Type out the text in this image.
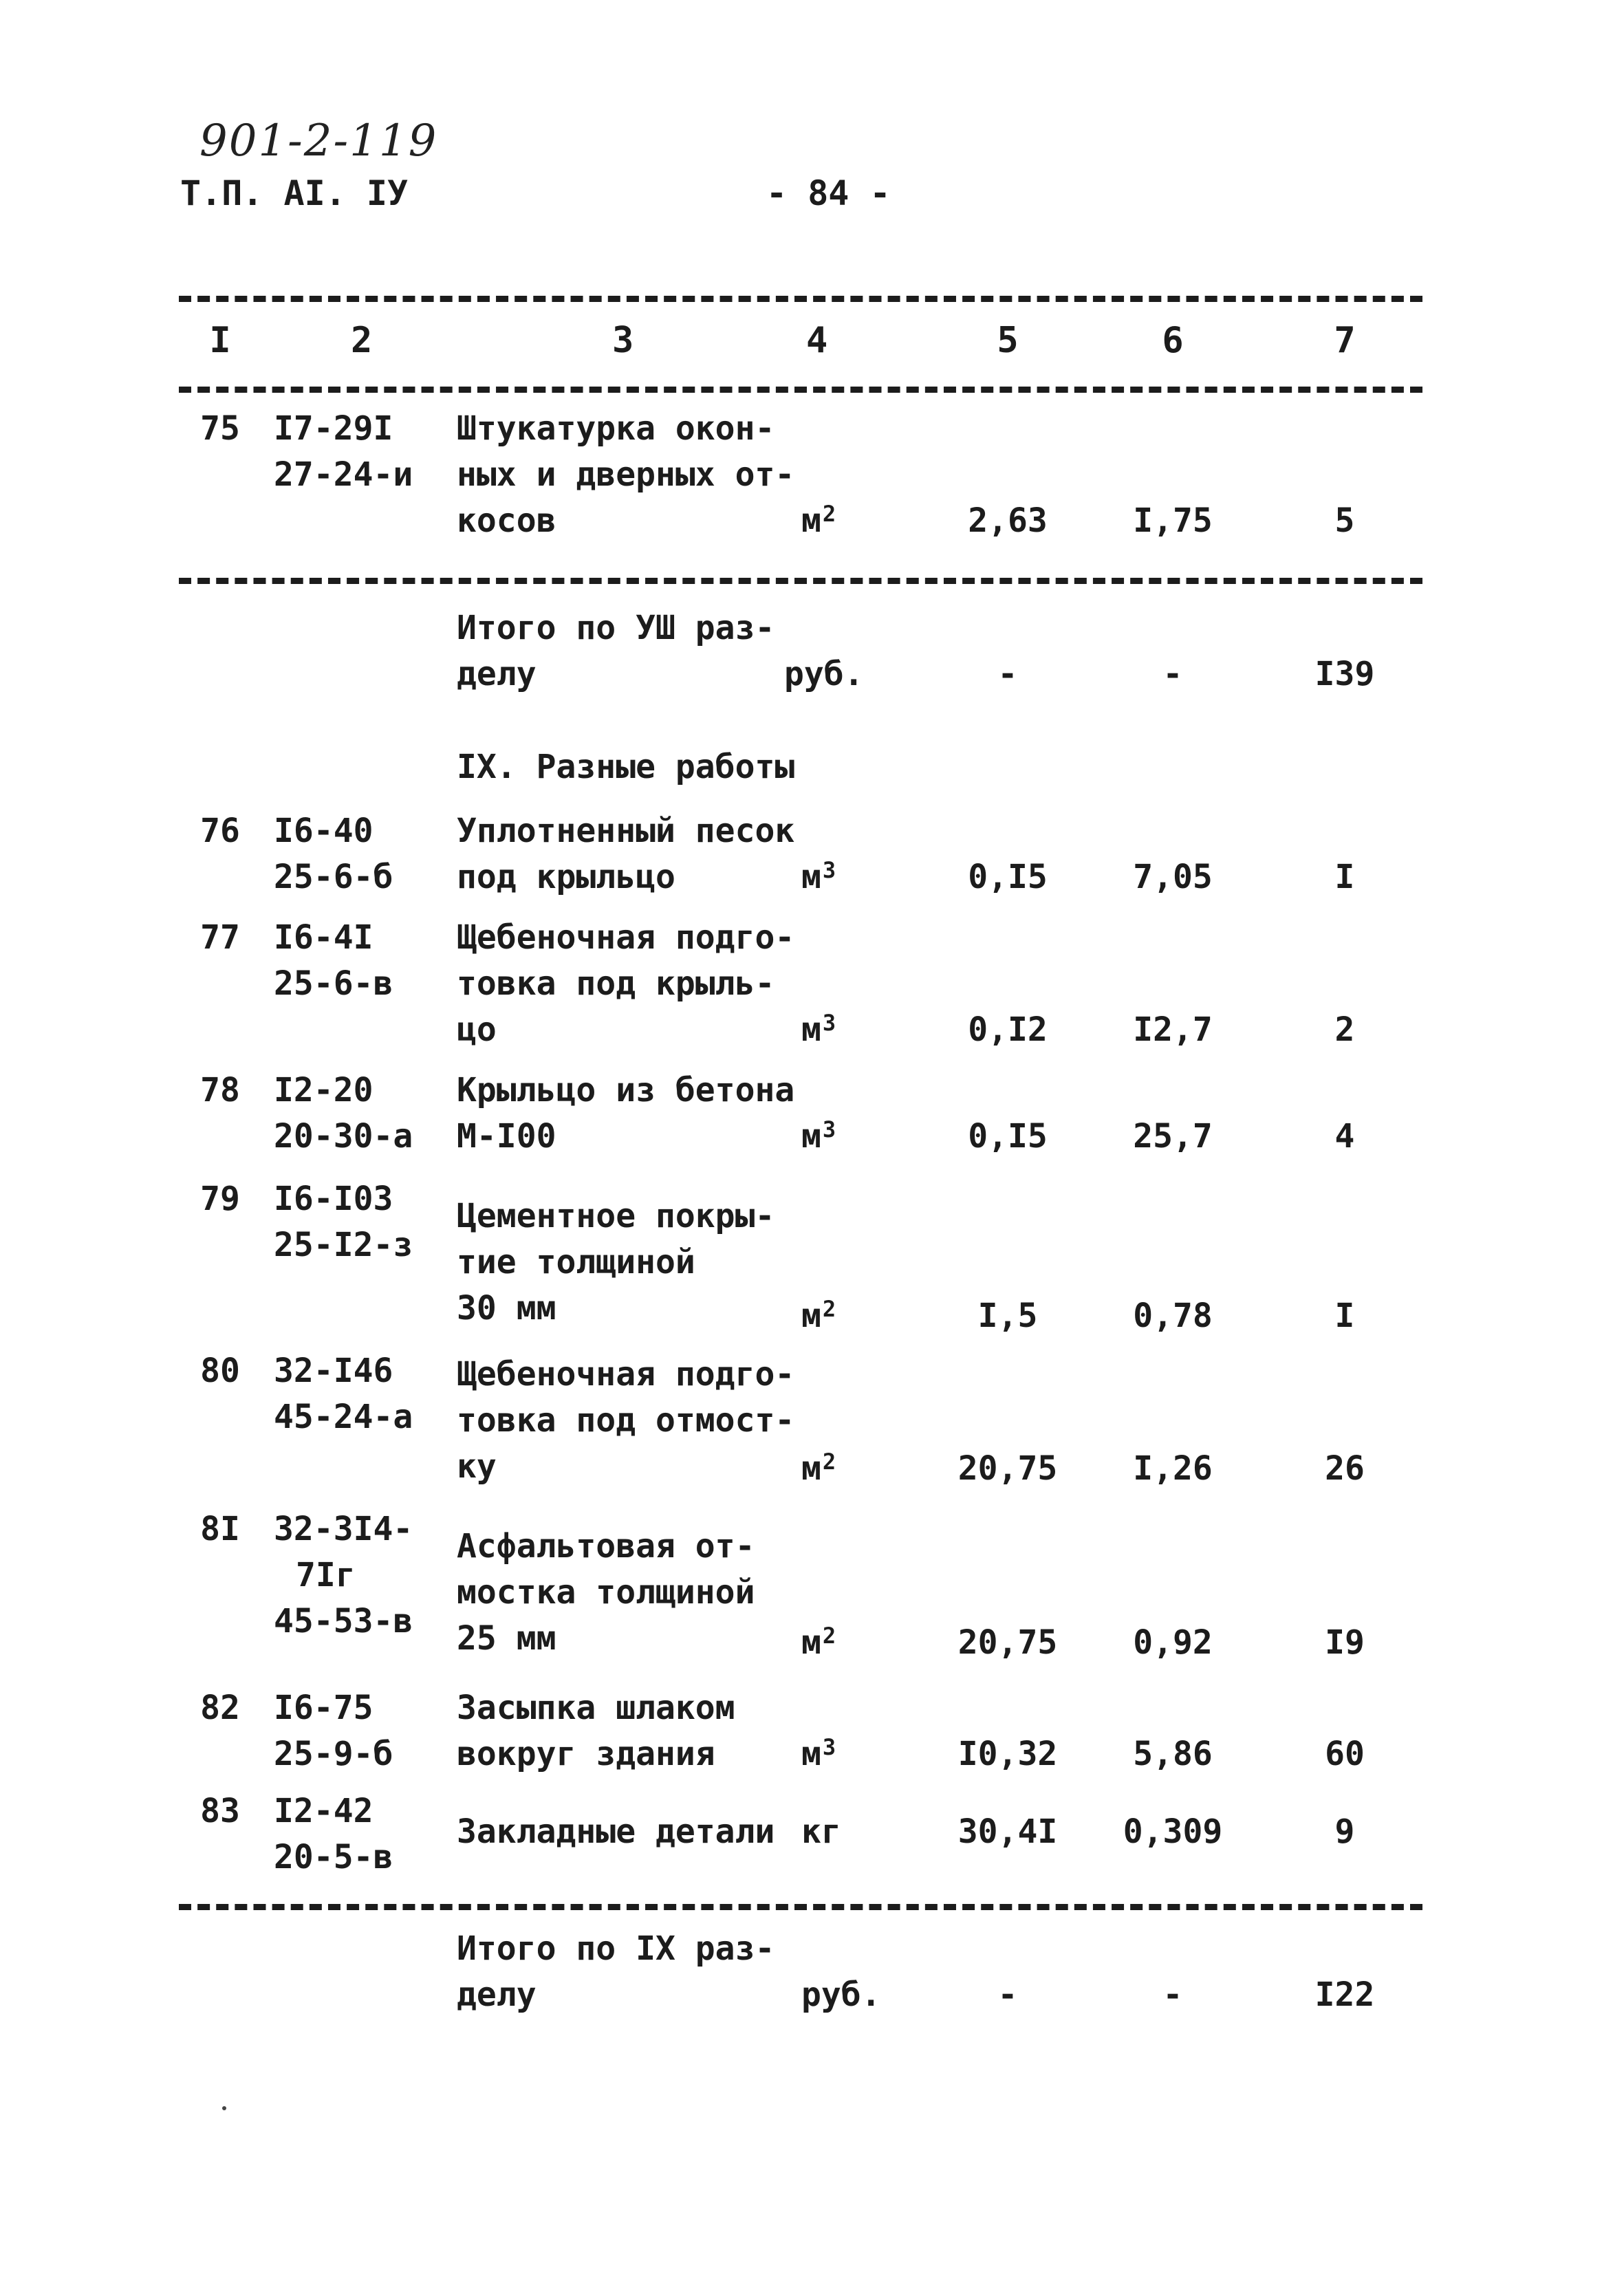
901-2-119
Т.П. АI. IУ	- 84 -
I	2	3	4	5	6	7
75	I7-29I
27-24-и
Штукатурка окон-
ных и дверных от-
косов	$м^2$	2,63	I,75	5
Итого по УШ раз-
делу	руб.	-	-	I39
IX. Разные работы
76	I6-40
25-6-б
Уплотненный песок
под крыльцо	$м^3$	0,I5	7,05	I
77	I6-4I
25-6-в
Щебеночная подго-
товка под крыль-
цо	$м^3$	0,I2	I2,7	2
78	I2-20
20-30-а
Крыльцо из бетона
М-I00	$м^3$	0,I5	25,7	4
79	I6-I03
25-I2-з
Цементное покры-
тие толщиной
30 мм	$м^2$	I,5	0,78	I
80	32-I46
45-24-а
Щебеночная подго-
товка под отмост-
ку	$м^2$	20,75	I,26	26
8I	32-3I4-
7Iг
45-53-в
Асфальтовая от-
мостка толщиной
25 мм	$м^2$	20,75	0,92	I9
82	I6-75
25-9-б
Засыпка шлаком
вокруг здания	$м^3$	I0,32	5,86	60
83	I2-42
20-5-в
Закладные детали кг	30,4I	0,309	9
Итого по IX раз-
делу	руб.	-	-	I22
